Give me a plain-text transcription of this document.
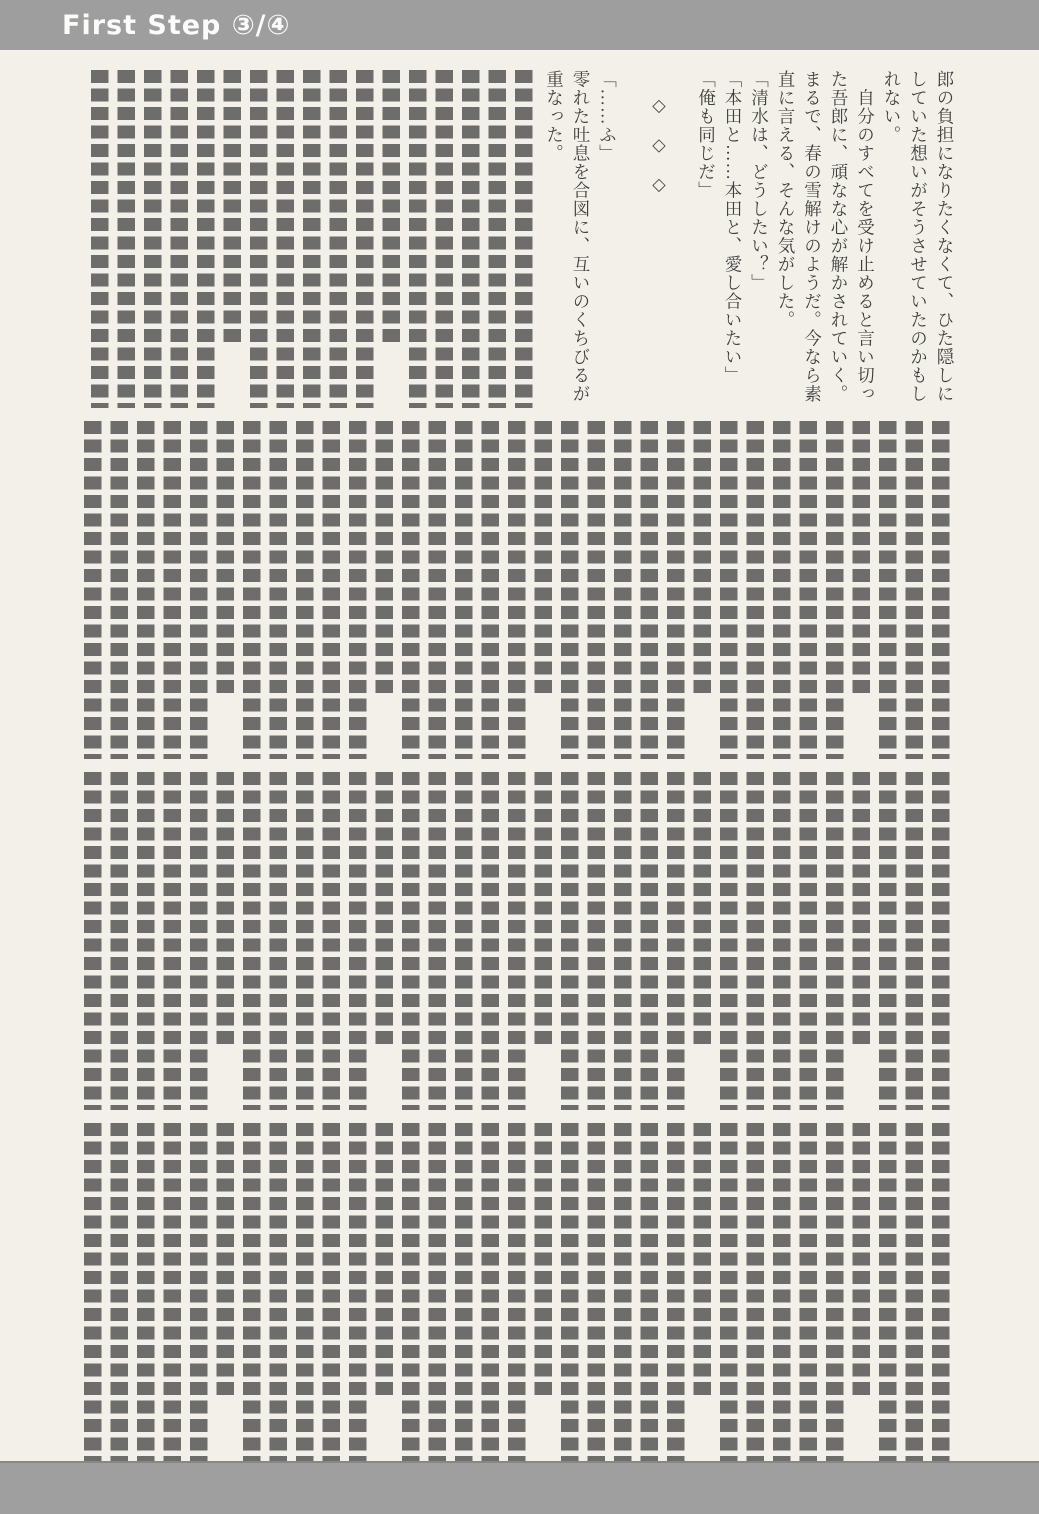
First Step ③/④

郎の負担になりたくなくて、ひた隠しにしていた想いがそうさせていたのかもしれない。

　自分のすべてを受け止めると言い切った吾郎に、頑なな心が解かされていく。まるで、春の雪解けのようだ。今なら素直に言える、そんな気がした。

「清水は、どうしたい？」

「本田と……本田と、愛し合いたい」

「俺も同じだ」

◇　◇　◇

「……ふ」

零れた吐息を合図に、互いのくちびるが重なった。
